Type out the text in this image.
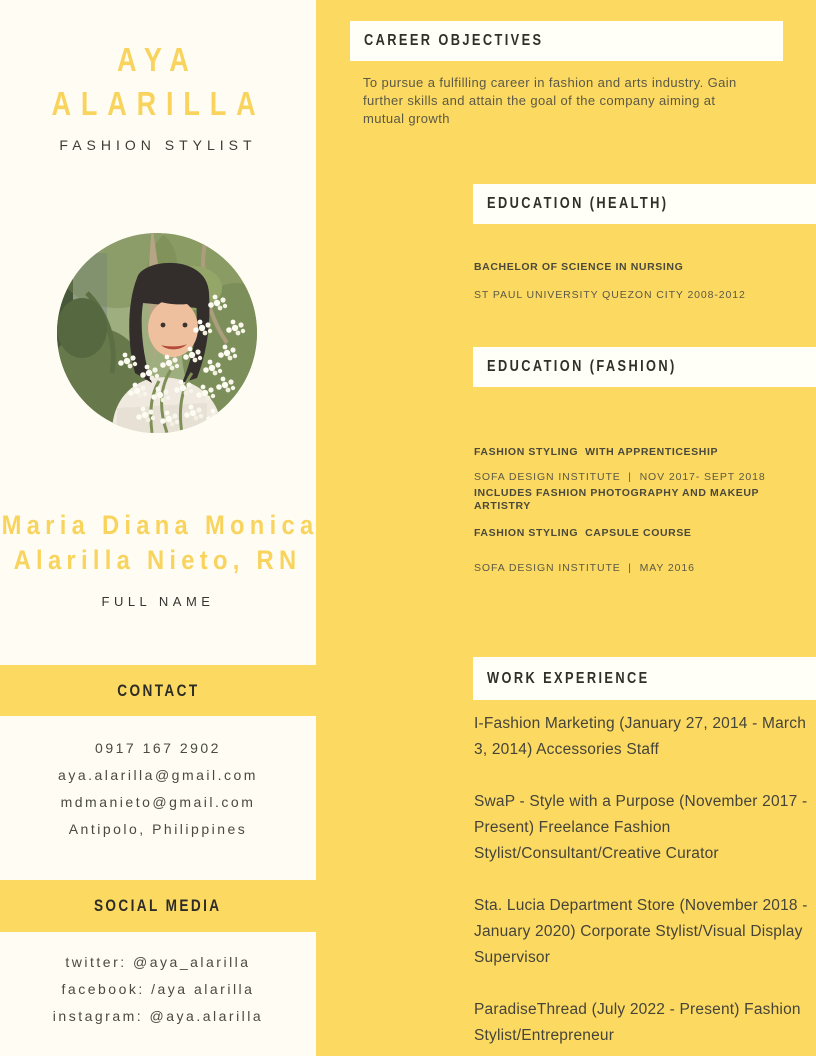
AYA
ALARILLA
FASHION STYLIST
Maria Diana Monica
Alarilla Nieto, RN
FULL NAME
CONTACT
0917 167 2902
aya.alarilla@gmail.com
mdmanieto@gmail.com
Antipolo, Philippines
SOCIAL MEDIA
twitter: @aya_alarilla
facebook: /aya alarilla
instagram: @aya.alarilla
CAREER OBJECTIVES
To pursue a fulfilling career in fashion and arts industry. Gain further skills and attain the goal of the company aiming at mutual growth
EDUCATION (HEALTH)
BACHELOR OF SCIENCE IN NURSING
ST PAUL UNIVERSITY QUEZON CITY 2008-2012
EDUCATION (FASHION)

FASHION STYLING  WITH APPRENTICESHIP

INCLUDES FASHION PHOTOGRAPHY AND MAKEUP ARTISTRY

SOFA DESIGN INSTITUTE  |  NOV 2017- SEPT 2018
FASHION STYLING  CAPSULE COURSE
SOFA DESIGN INSTITUTE  |  MAY 2016
WORK EXPERIENCE
I-Fashion Marketing (January 27, 2014 - March 3, 2014) Accessories Staff
SwaP - Style with a Purpose (November 2017 - Present) Freelance Fashion Stylist/Consultant/Creative Curator
Sta. Lucia Department Store (November 2018 - January 2020) Corporate Stylist/Visual Display Supervisor
ParadiseThread (July 2022 - Present) Fashion Stylist/Entrepreneur
